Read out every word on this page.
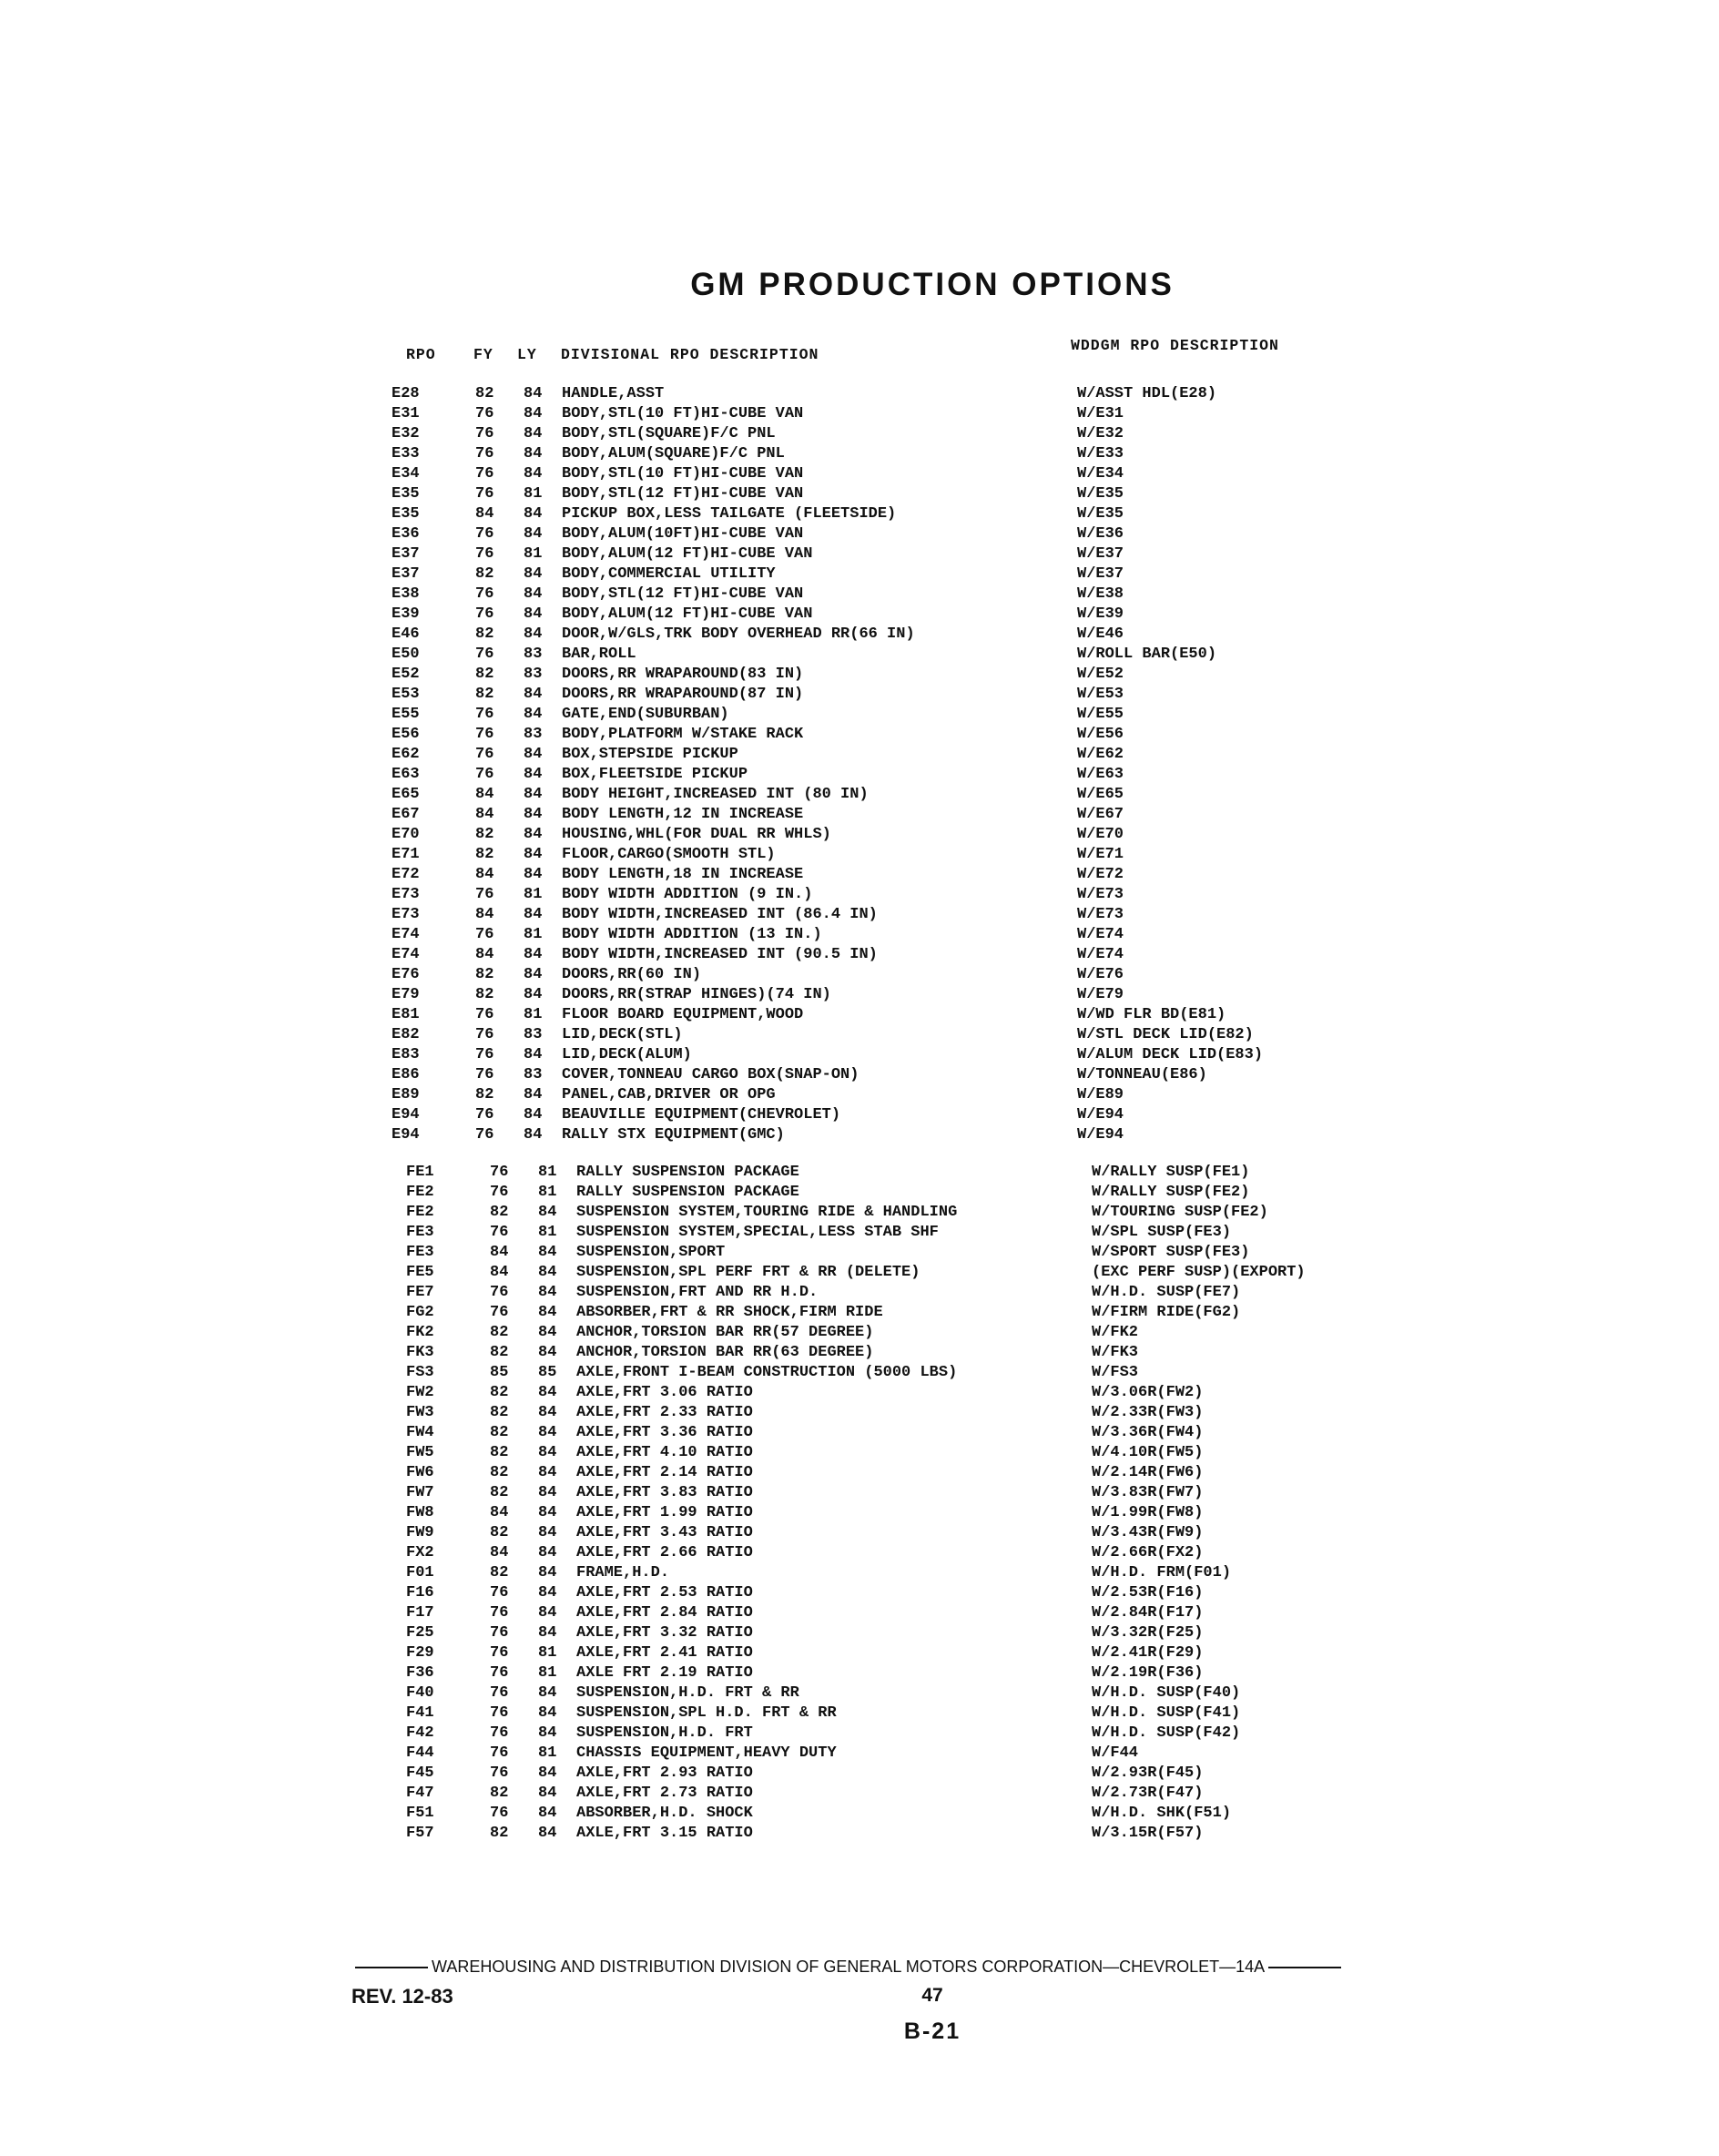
GM PRODUCTION OPTIONS
RPO	FY LY DIVISIONAL RPO DESCRIPTION
WDDGM RPO DESCRIPTION
E28	82 84 HANDLE,ASST	W/ASST HDL(E28)
E31	76 84 BODY,STL(10 FT)HI-CUBE VAN	W/E31
E32	76 84 BODY,STL(SQUARE)F/C PNL	W/E32
E33	76 84 BODY,ALUM(SQUARE)F/C PNL	W/E33
E34	76 84 BODY,STL(10 FT)HI-CUBE VAN	W/E34
E35	76 81 BODY,STL(12 FT)HI-CUBE VAN	W/E35
E35	84 84 PICKUP BOX,LESS TAILGATE (FLEETSIDE)	W/E35
E36	76 84 BODY,ALUM(10FT)HI-CUBE VAN	W/E36
E37	76 81 BODY,ALUM(12 FT)HI-CUBE VAN	W/E37
E37	82 84 BODY,COMMERCIAL UTILITY	W/E37
E38	76 84 BODY,STL(12 FT)HI-CUBE VAN	W/E38
E39	76 84 BODY,ALUM(12 FT)HI-CUBE VAN	W/E39
E46	82 84 DOOR,W/GLS,TRK BODY OVERHEAD RR(66 IN)	W/E46
E50	76 83 BAR,ROLL	W/ROLL BAR(E50)
E52	82 83 DOORS,RR WRAPAROUND(83 IN)	W/E52
E53	82 84 DOORS,RR WRAPAROUND(87 IN)	W/E53
E55	76 84 GATE,END(SUBURBAN)	W/E55
E56	76 83 BODY,PLATFORM W/STAKE RACK	W/E56
E62	76 84 BOX,STEPSIDE PICKUP	W/E62
E63	76 84 BOX,FLEETSIDE PICKUP	W/E63
E65	84 84 BODY HEIGHT,INCREASED INT (80 IN)	W/E65
E67	84 84 BODY LENGTH,12 IN INCREASE	W/E67
E70	82 84 HOUSING,WHL(FOR DUAL RR WHLS)	W/E70
E71	82 84 FLOOR,CARGO(SMOOTH STL)	W/E71
E72	84 84 BODY LENGTH,18 IN INCREASE	W/E72
E73	76 81 BODY WIDTH ADDITION (9 IN.)	W/E73
E73	84 84 BODY WIDTH,INCREASED INT (86.4 IN)	W/E73
E74	76 81 BODY WIDTH ADDITION (13 IN.)	W/E74
E74	84 84 BODY WIDTH,INCREASED INT (90.5 IN)	W/E74
E76	82 84 DOORS,RR(60 IN)	W/E76
E79	82 84 DOORS,RR(STRAP HINGES)(74 IN)	W/E79
E81	76 81 FLOOR BOARD EQUIPMENT,WOOD	W/WD FLR BD(E81)
E82	76 83 LID,DECK(STL)	W/STL DECK LID(E82)
E83	76 84 LID,DECK(ALUM)	W/ALUM DECK LID(E83)
E86	76 83 COVER,TONNEAU CARGO BOX(SNAP-ON)	W/TONNEAU(E86)
E89	82 84 PANEL,CAB,DRIVER OR OPG	W/E89
E94	76 84 BEAUVILLE EQUIPMENT(CHEVROLET)	W/E94
E94	76 84 RALLY STX EQUIPMENT(GMC)	W/E94
FE1	76 81 RALLY SUSPENSION PACKAGE	W/RALLY SUSP(FE1)
FE2	76 81 RALLY SUSPENSION PACKAGE	W/RALLY SUSP(FE2)
FE2	82 84 SUSPENSION SYSTEM,TOURING RIDE & HANDLING	W/TOURING SUSP(FE2)
FE3	76 81 SUSPENSION SYSTEM,SPECIAL,LESS STAB SHF	W/SPL SUSP(FE3)
FE3	84 84 SUSPENSION,SPORT	W/SPORT SUSP(FE3)
FE5	84 84 SUSPENSION,SPL PERF FRT & RR (DELETE)	(EXC PERF SUSP)(EXPORT)
FE7	76 84 SUSPENSION,FRT AND RR H.D.	W/H.D. SUSP(FE7)
FG2	76 84 ABSORBER,FRT & RR SHOCK,FIRM RIDE	W/FIRM RIDE(FG2)
FK2	82 84 ANCHOR,TORSION BAR RR(57 DEGREE)	W/FK2
FK3	82 84 ANCHOR,TORSION BAR RR(63 DEGREE)	W/FK3
FS3	85 85 AXLE,FRONT I-BEAM CONSTRUCTION (5000 LBS)	W/FS3
FW2	82 84 AXLE,FRT 3.06 RATIO	W/3.06R(FW2)
FW3	82 84 AXLE,FRT 2.33 RATIO	W/2.33R(FW3)
FW4	82 84 AXLE,FRT 3.36 RATIO	W/3.36R(FW4)
FW5	82 84 AXLE,FRT 4.10 RATIO	W/4.10R(FW5)
FW6	82 84 AXLE,FRT 2.14 RATIO	W/2.14R(FW6)
FW7	82 84 AXLE,FRT 3.83 RATIO	W/3.83R(FW7)
FW8	84 84 AXLE,FRT 1.99 RATIO	W/1.99R(FW8)
FW9	82 84 AXLE,FRT 3.43 RATIO	W/3.43R(FW9)
FX2	84 84 AXLE,FRT 2.66 RATIO	W/2.66R(FX2)
F01	82 84 FRAME,H.D.	W/H.D. FRM(F01)
F16	76 84 AXLE,FRT 2.53 RATIO	W/2.53R(F16)
F17	76 84 AXLE,FRT 2.84 RATIO	W/2.84R(F17)
F25	76 84 AXLE,FRT 3.32 RATIO	W/3.32R(F25)
F29	76 81 AXLE,FRT 2.41 RATIO	W/2.41R(F29)
F36	76 81 AXLE FRT 2.19 RATIO	W/2.19R(F36)
F40	76 84 SUSPENSION,H.D. FRT & RR	W/H.D. SUSP(F40)
F41	76 84 SUSPENSION,SPL H.D. FRT & RR	W/H.D. SUSP(F41)
F42	76 84 SUSPENSION,H.D. FRT	W/H.D. SUSP(F42)
F44	76 81 CHASSIS EQUIPMENT,HEAVY DUTY	W/F44
F45	76 84 AXLE,FRT 2.93 RATIO	W/2.93R(F45)
F47	82 84 AXLE,FRT 2.73 RATIO	W/2.73R(F47)
F51	76 84 ABSORBER,H.D. SHOCK	W/H.D. SHK(F51)
F57	82 84 AXLE,FRT 3.15 RATIO	W/3.15R(F57)
WAREHOUSING AND DISTRIBUTION DIVISION OF GENERAL MOTORS CORPORATION—CHEVROLET—14A
REV. 12-83	47
B-21
